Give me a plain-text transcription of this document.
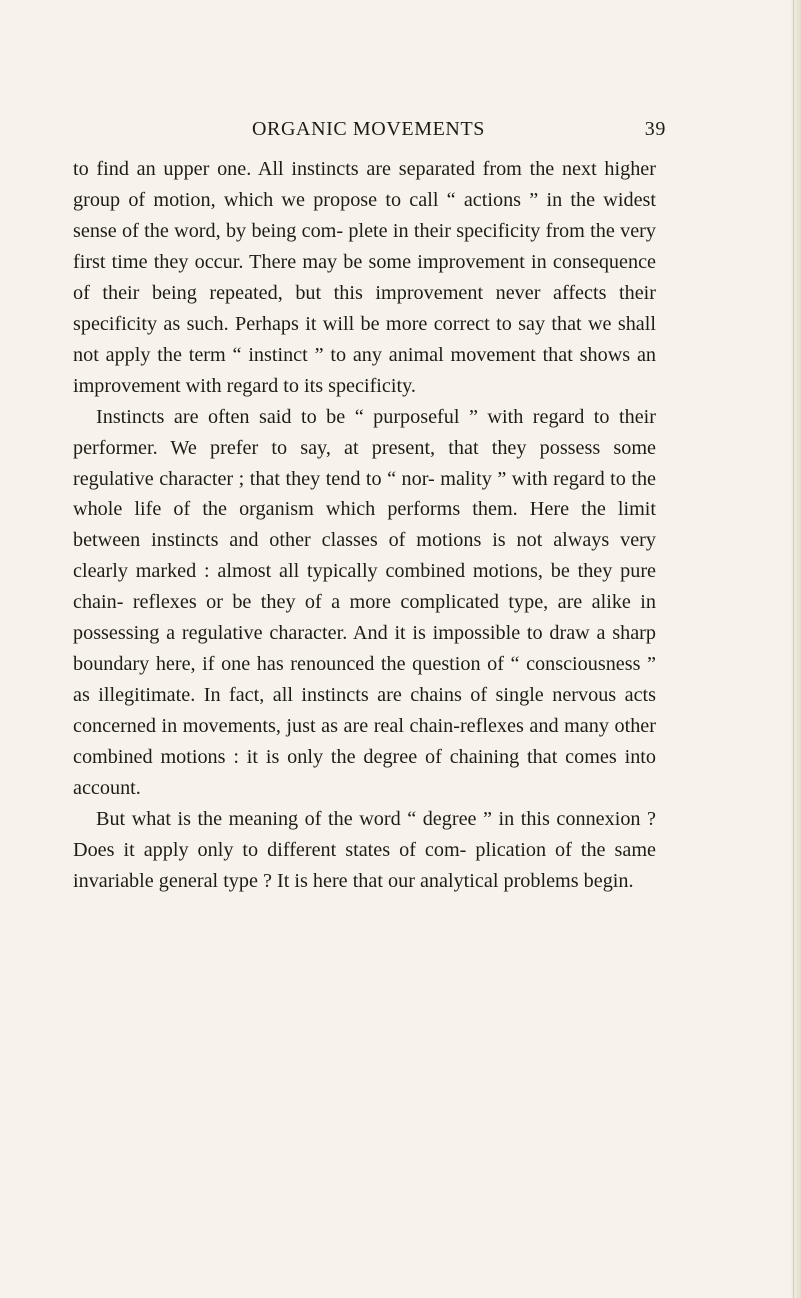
ORGANIC MOVEMENTS	39

to find an upper one. All instincts are separated from the next higher group of motion, which we propose to call “ actions ” in the widest sense of the word, by being com- plete in their specificity from the very first time they occur. There may be some improvement in consequence of their being repeated, but this improvement never affects their specificity as such. Perhaps it will be more correct to say that we shall not apply the term “ instinct ” to any animal movement that shows an improvement with regard to its specificity.

Instincts are often said to be “ purposeful ” with regard to their performer. We prefer to say, at present, that they possess some regulative character ; that they tend to “ nor- mality ” with regard to the whole life of the organism which performs them. Here the limit between instincts and other classes of motions is not always very clearly marked : almost all typically combined motions, be they pure chain- reflexes or be they of a more complicated type, are alike in possessing a regulative character. And it is impossible to draw a sharp boundary here, if one has renounced the question of “ consciousness ” as illegitimate. In fact, all instincts are chains of single nervous acts concerned in movements, just as are real chain-reflexes and many other combined motions : it is only the degree of chaining that comes into account.

But what is the meaning of the word “ degree ” in this connexion ? Does it apply only to different states of com- plication of the same invariable general type ? It is here that our analytical problems begin.
